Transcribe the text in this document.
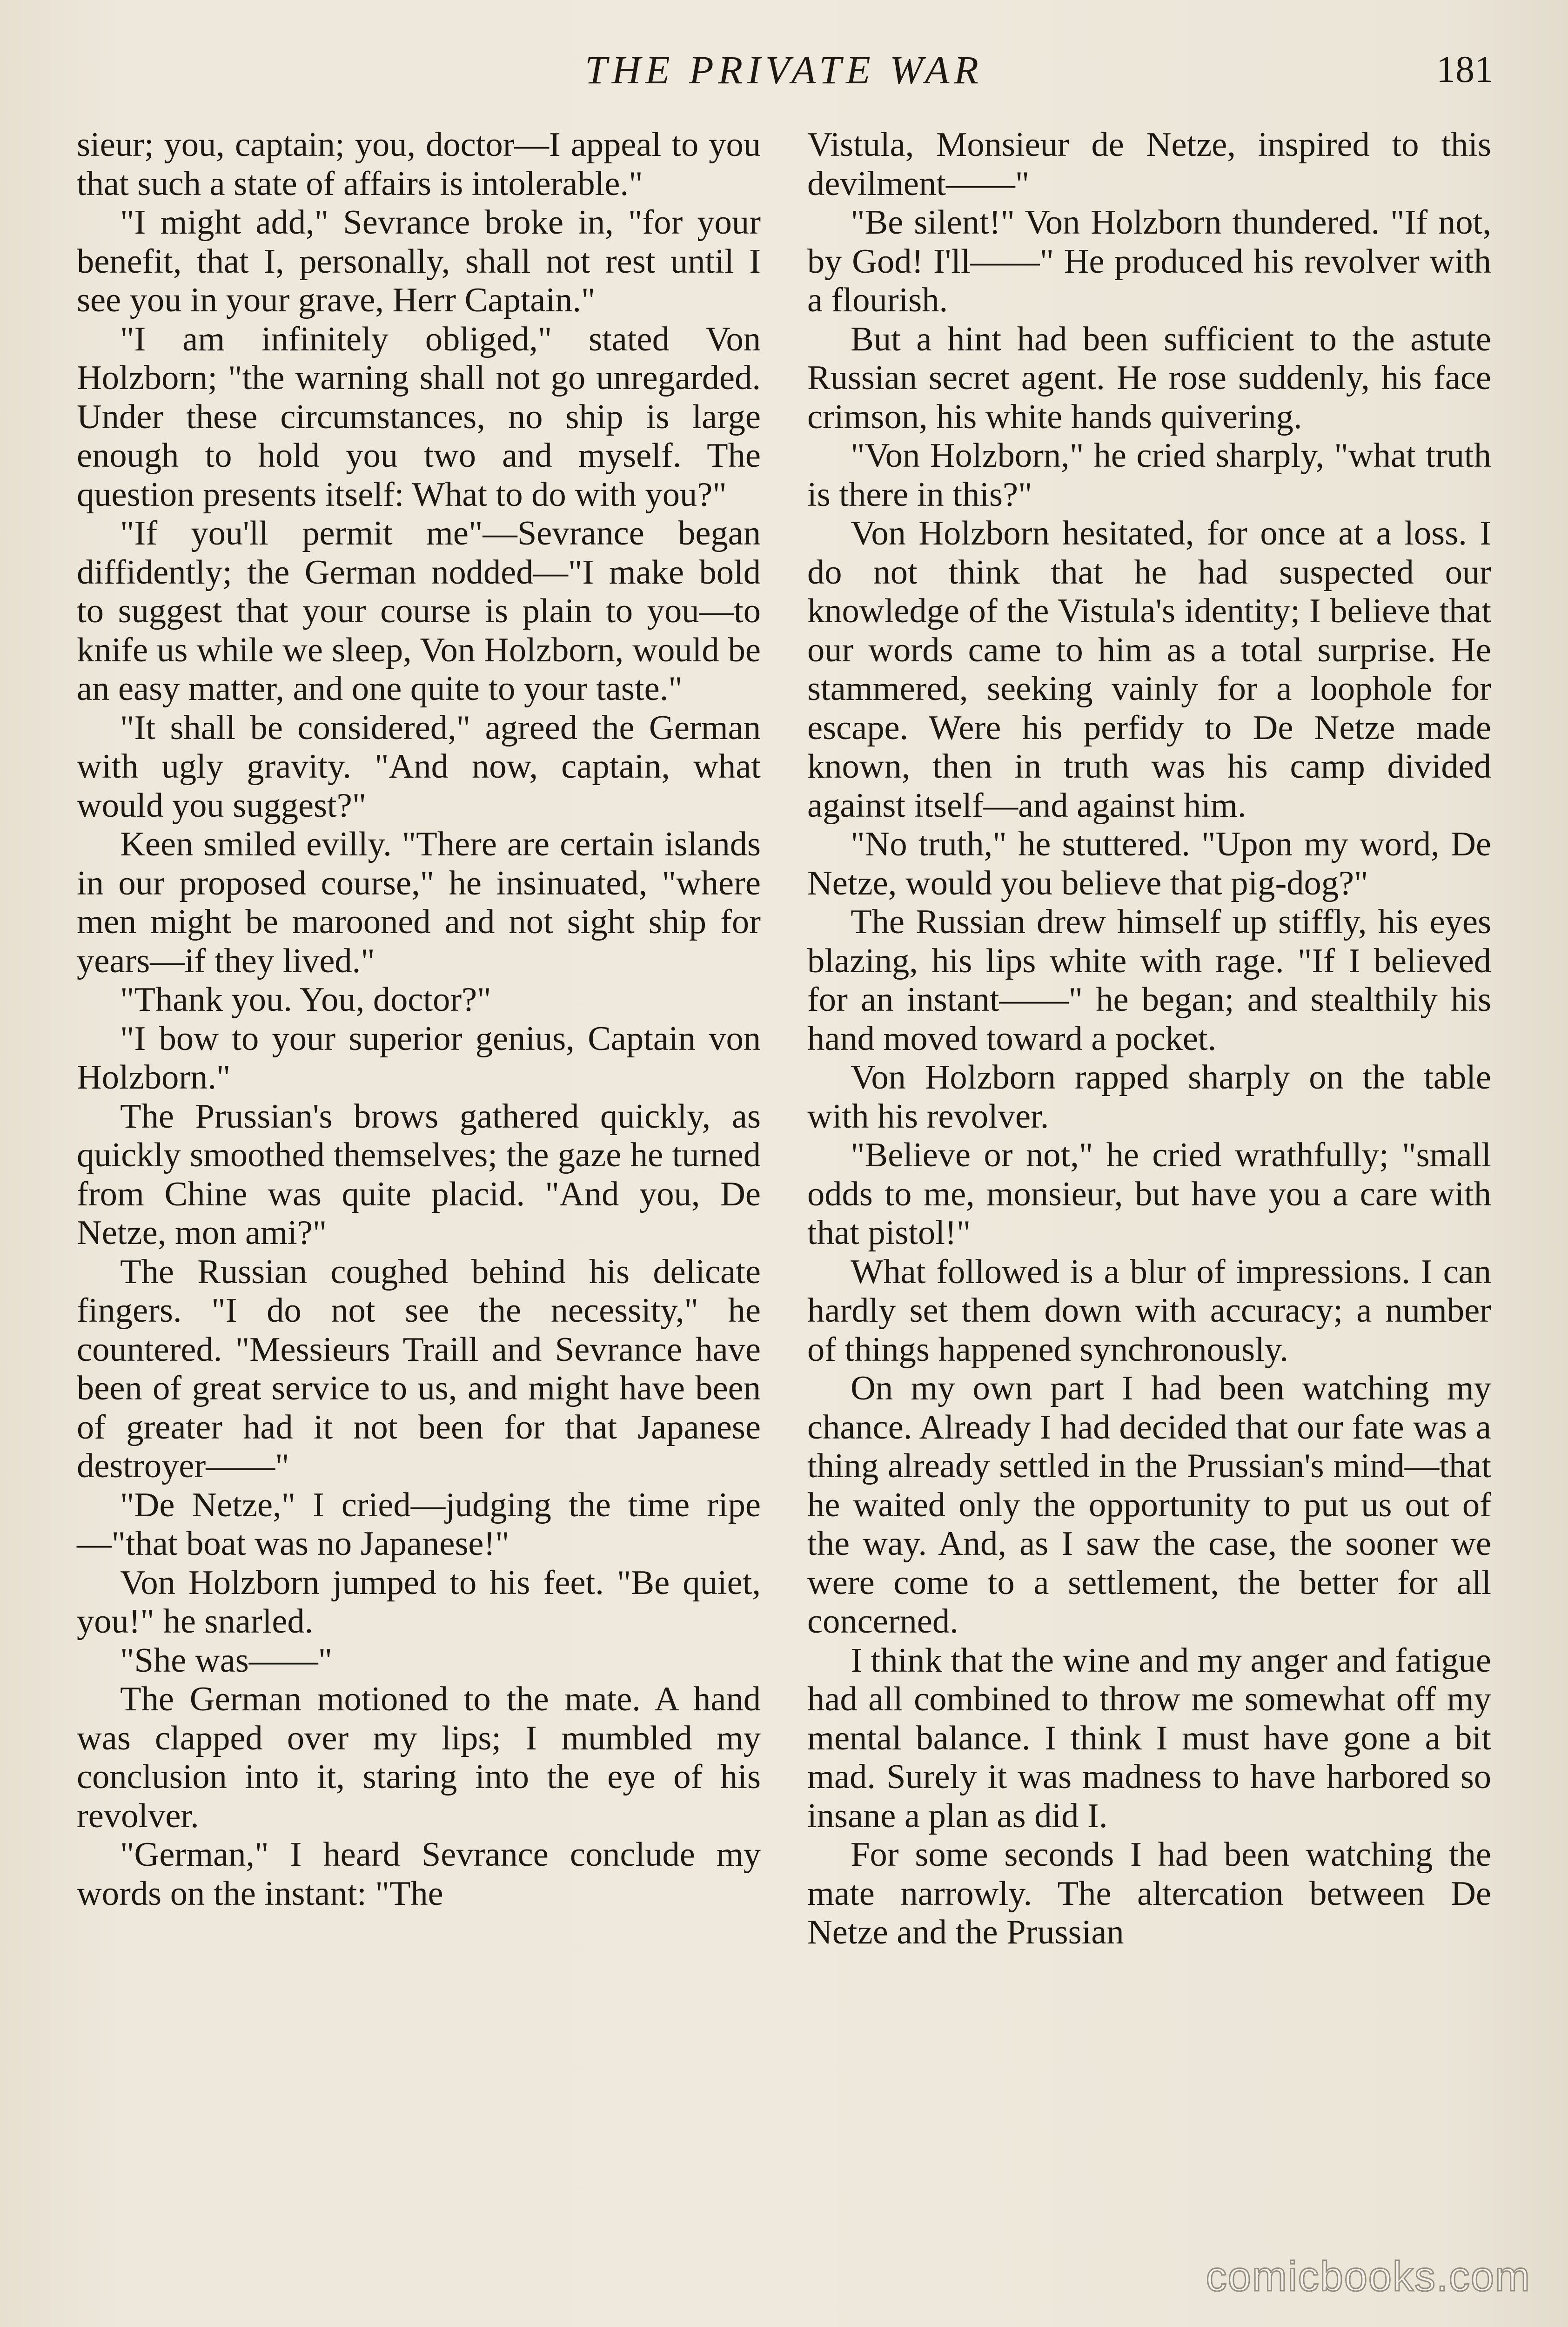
THE PRIVATE WAR	181

sieur; you, captain; you, doctor—I appeal to you that such a state of affairs is intolerable."

"I might add," Sevrance broke in, "for your benefit, that I, personally, shall not rest until I see you in your grave, Herr Captain."

"I am infinitely obliged," stated Von Holzborn; "the warning shall not go unregarded. Under these circumstances, no ship is large enough to hold you two and myself. The question presents itself: What to do with you?"

"If you'll permit me"—Sevrance began diffidently; the German nodded—"I make bold to suggest that your course is plain to you—to knife us while we sleep, Von Holzborn, would be an easy matter, and one quite to your taste."

"It shall be considered," agreed the German with ugly gravity. "And now, captain, what would you suggest?"

Keen smiled evilly. "There are certain islands in our proposed course," he insinuated, "where men might be marooned and not sight ship for years—if they lived."

"Thank you. You, doctor?"

"I bow to your superior genius, Captain von Holzborn."

The Prussian's brows gathered quickly, as quickly smoothed themselves; the gaze he turned from Chine was quite placid. "And you, De Netze, mon ami?"

The Russian coughed behind his delicate fingers. "I do not see the necessity," he countered. "Messieurs Traill and Sevrance have been of great service to us, and might have been of greater had it not been for that Japanese destroyer——"

"De Netze," I cried—judging the time ripe—"that boat was no Japanese!"

Von Holzborn jumped to his feet. "Be quiet, you!" he snarled.

"She was——"

The German motioned to the mate. A hand was clapped over my lips; I mumbled my conclusion into it, staring into the eye of his revolver.

"German," I heard Sevrance conclude my words on the instant: "The

Vistula, Monsieur de Netze, inspired to this devilment——"

"Be silent!" Von Holzborn thundered. "If not, by God! I'll——" He produced his revolver with a flourish.

But a hint had been sufficient to the astute Russian secret agent. He rose suddenly, his face crimson, his white hands quivering.

"Von Holzborn," he cried sharply, "what truth is there in this?"

Von Holzborn hesitated, for once at a loss. I do not think that he had suspected our knowledge of the Vistula's identity; I believe that our words came to him as a total surprise. He stammered, seeking vainly for a loophole for escape. Were his perfidy to De Netze made known, then in truth was his camp divided against itself—and against him.

"No truth," he stuttered. "Upon my word, De Netze, would you believe that pig-dog?"

The Russian drew himself up stiffly, his eyes blazing, his lips white with rage. "If I believed for an instant——" he began; and stealthily his hand moved toward a pocket.

Von Holzborn rapped sharply on the table with his revolver.

"Believe or not," he cried wrathfully; "small odds to me, monsieur, but have you a care with that pistol!"

What followed is a blur of impressions. I can hardly set them down with accuracy; a number of things happened synchronously.

On my own part I had been watching my chance. Already I had decided that our fate was a thing already settled in the Prussian's mind—that he waited only the opportunity to put us out of the way. And, as I saw the case, the sooner we were come to a settlement, the better for all concerned.

I think that the wine and my anger and fatigue had all combined to throw me somewhat off my mental balance. I think I must have gone a bit mad. Surely it was madness to have harbored so insane a plan as did I.

For some seconds I had been watching the mate narrowly. The altercation between De Netze and the Prussian

comicbooks.com
